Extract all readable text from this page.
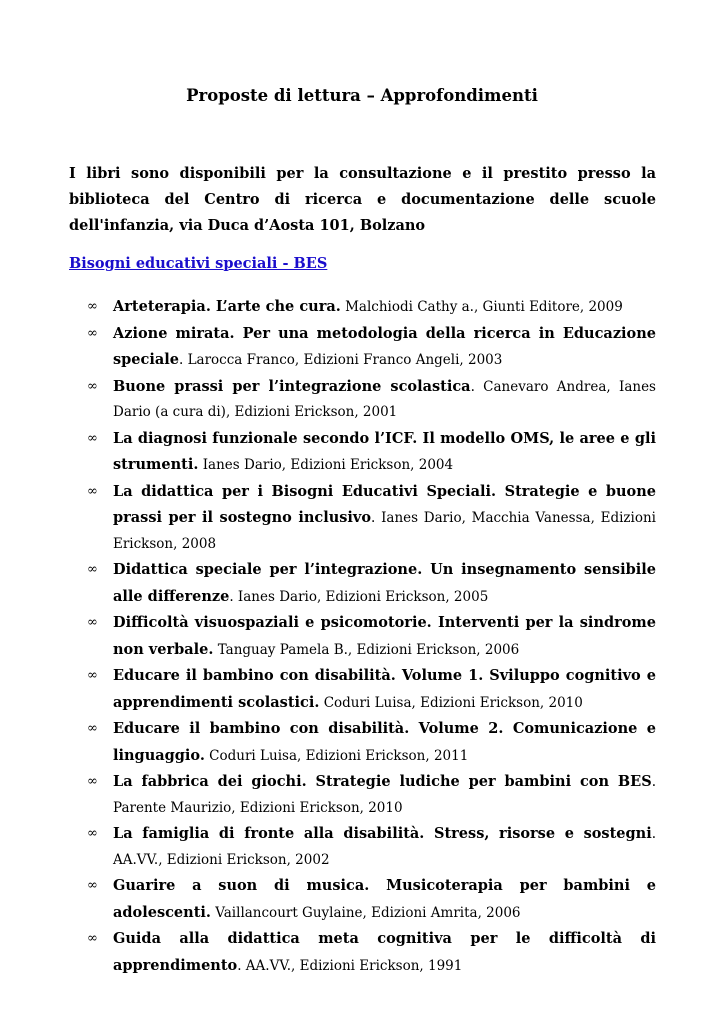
Proposte di lettura – Approfondimenti

I libri sono disponibili per la consultazione e il prestito presso la biblioteca del Centro di ricerca e documentazione delle scuole dell'infanzia, via Duca d’Aosta 101, Bolzano

Bisogni educativi speciali - BES

∞	Arteterapia. L’arte che cura. Malchiodi Cathy a., Giunti Editore, 2009
∞	Azione mirata. Per una metodologia della ricerca in Educazione speciale. Larocca Franco, Edizioni Franco Angeli, 2003
∞	Buone prassi per l’integrazione scolastica. Canevaro Andrea, Ianes Dario (a cura di), Edizioni Erickson, 2001
∞	La diagnosi funzionale secondo l’ICF. Il modello OMS, le aree e gli strumenti. Ianes Dario, Edizioni Erickson, 2004
∞	La didattica per i Bisogni Educativi Speciali. Strategie e buone prassi per il sostegno inclusivo. Ianes Dario, Macchia Vanessa, Edizioni Erickson, 2008
∞	Didattica speciale per l’integrazione. Un insegnamento sensibile alle differenze. Ianes Dario, Edizioni Erickson, 2005
∞	Difficoltà visuospaziali e psicomotorie. Interventi per la sindrome non verbale. Tanguay Pamela B., Edizioni Erickson, 2006
∞	Educare il bambino con disabilità. Volume 1. Sviluppo cognitivo e apprendimenti scolastici. Coduri Luisa, Edizioni Erickson, 2010
∞	Educare il bambino con disabilità. Volume 2. Comunicazione e linguaggio. Coduri Luisa, Edizioni Erickson, 2011
∞	La fabbrica dei giochi. Strategie ludiche per bambini con BES. Parente Maurizio, Edizioni Erickson, 2010
∞	La famiglia di fronte alla disabilità. Stress, risorse e sostegni. AA.VV., Edizioni Erickson, 2002
∞	Guarire a suon di musica. Musicoterapia per bambini e adolescenti. Vaillancourt Guylaine, Edizioni Amrita, 2006
∞	Guida alla didattica meta cognitiva per le difficoltà di apprendimento. AA.VV., Edizioni Erickson, 1991
